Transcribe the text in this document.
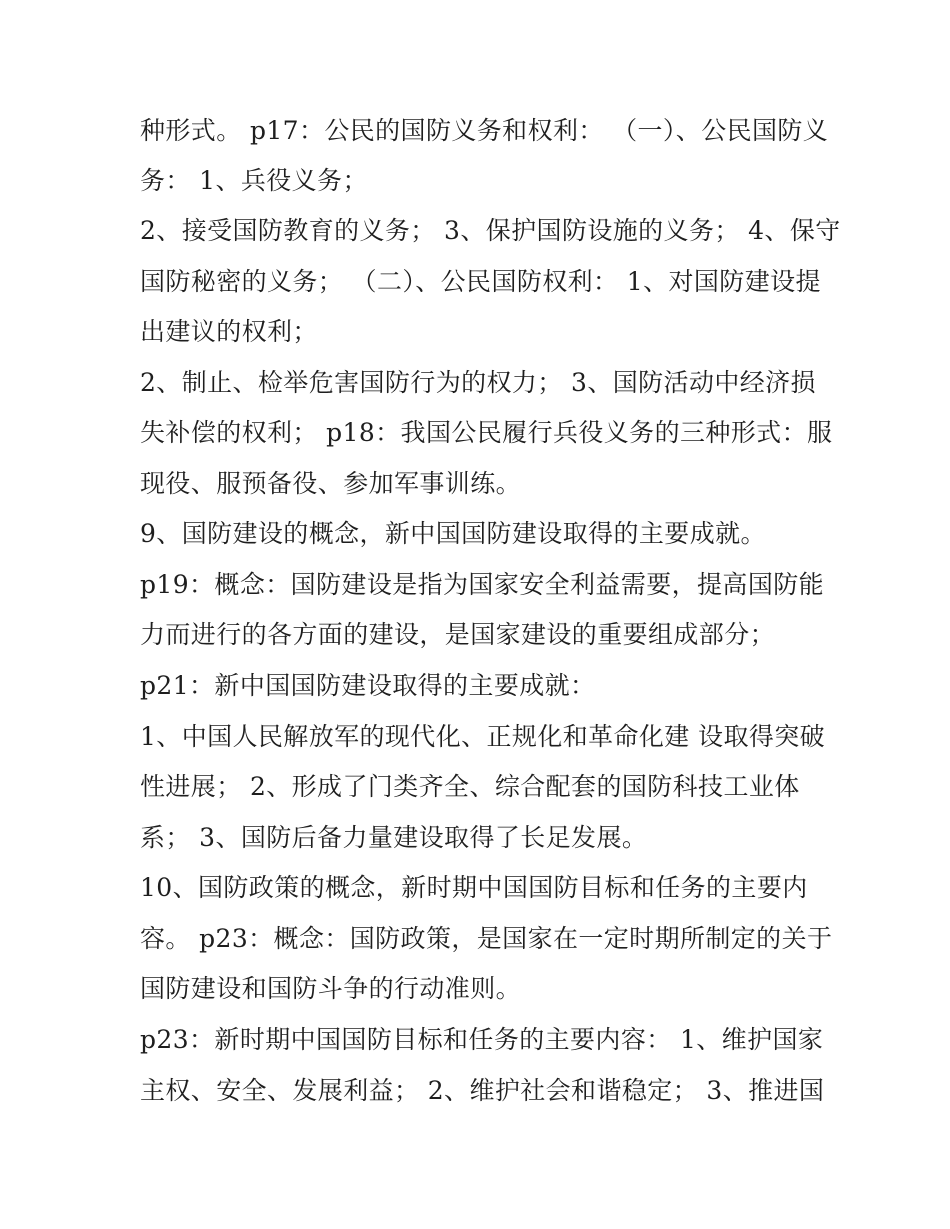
种形式。 p17：公民的国防义务和权利： （一）、公民国防义
务： 1、兵役义务；
2、接受国防教育的义务； 3、保护国防设施的义务； 4、保守
国防秘密的义务； （二）、公民国防权利： 1、对国防建设提
出建议的权利；
2、制止、检举危害国防行为的权力； 3、国防活动中经济损
失补偿的权利； p18：我国公民履行兵役义务的三种形式：服
现役、服预备役、参加军事训练。
9、国防建设的概念，新中国国防建设取得的主要成就。
p19：概念：国防建设是指为国家安全利益需要，提高国防能
力而进行的各方面的建设，是国家建设的重要组成部分；
p21：新中国国防建设取得的主要成就：
1、中国人民解放军的现代化、正规化和革命化建 设取得突破
性进展； 2、形成了门类齐全、综合配套的国防科技工业体
系； 3、国防后备力量建设取得了长足发展。
10、国防政策的概念，新时期中国国防目标和任务的主要内
容。 p23：概念：国防政策，是国家在一定时期所制定的关于
国防建设和国防斗争的行动准则。
p23：新时期中国国防目标和任务的主要内容： 1、维护国家
主权、安全、发展利益； 2、维护社会和谐稳定； 3、推进国
